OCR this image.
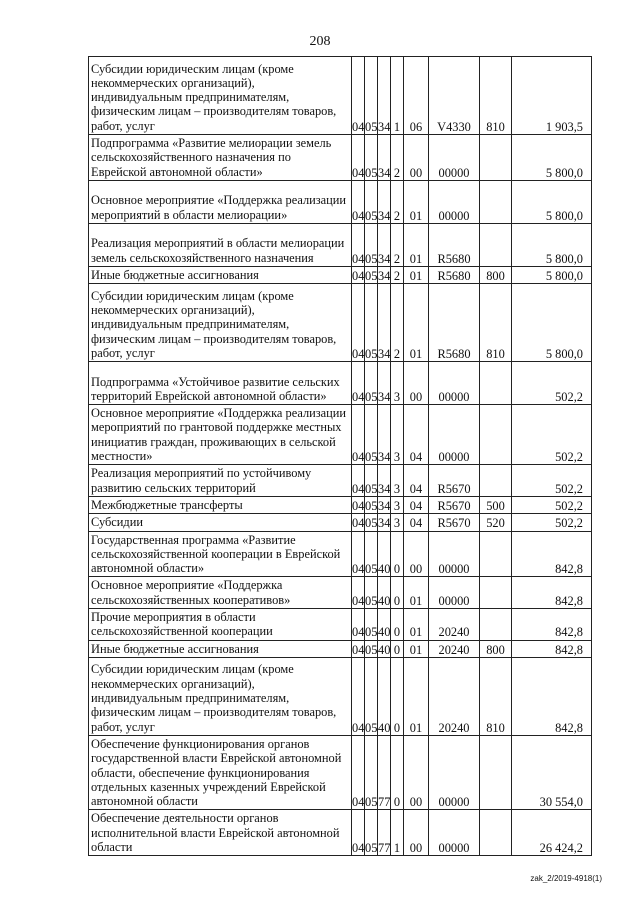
208
Субсидии юридическим лицам (кроме некоммерческих организаций), индивидуальным предпринимателям, физическим лицам – производителям товаров, работ, услуг	04	05	34	1	06	V4330	810	1 903,5
Подпрограмма «Развитие мелиорации земель сельскохозяйственного назначения по Еврейской автономной области»	04	05	34	2	00	00000		5 800,0
Основное мероприятие «Поддержка реализации мероприятий в области мелиорации»	04	05	34	2	01	00000		5 800,0
Реализация мероприятий в области мелиорации земель сельскохозяйственного назначения	04	05	34	2	01	R5680		5 800,0
Иные бюджетные ассигнования	04	05	34	2	01	R5680	800	5 800,0
Субсидии юридическим лицам (кроме некоммерческих организаций), индивидуальным предпринимателям, физическим лицам – производителям товаров, работ, услуг	04	05	34	2	01	R5680	810	5 800,0
Подпрограмма «Устойчивое развитие сельских территорий Еврейской автономной области»	04	05	34	3	00	00000		502,2
Основное мероприятие «Поддержка реализации мероприятий по грантовой поддержке местных инициатив граждан, проживающих в сельской местности»	04	05	34	3	04	00000		502,2
Реализация мероприятий по устойчивому развитию сельских территорий	04	05	34	3	04	R5670		502,2
Межбюджетные трансферты	04	05	34	3	04	R5670	500	502,2
Субсидии	04	05	34	3	04	R5670	520	502,2
Государственная программа «Развитие сельскохозяйственной кооперации в Еврейской автономной области»	04	05	40	0	00	00000		842,8
Основное мероприятие «Поддержка сельскохозяйственных кооперативов»	04	05	40	0	01	00000		842,8
Прочие мероприятия в области сельскохозяйственной кооперации	04	05	40	0	01	20240		842,8
Иные бюджетные ассигнования	04	05	40	0	01	20240	800	842,8
Субсидии юридическим лицам (кроме некоммерческих организаций), индивидуальным предпринимателям, физическим лицам – производителям товаров, работ, услуг	04	05	40	0	01	20240	810	842,8
Обеспечение функционирования органов государственной власти Еврейской автономной области, обеспечение функционирования отдельных казенных учреждений Еврейской автономной области	04	05	77	0	00	00000		30 554,0
Обеспечение деятельности органов исполнительной власти Еврейской автономной области	04	05	77	1	00	00000		26 424,2
zak_2/2019-4918(1)
